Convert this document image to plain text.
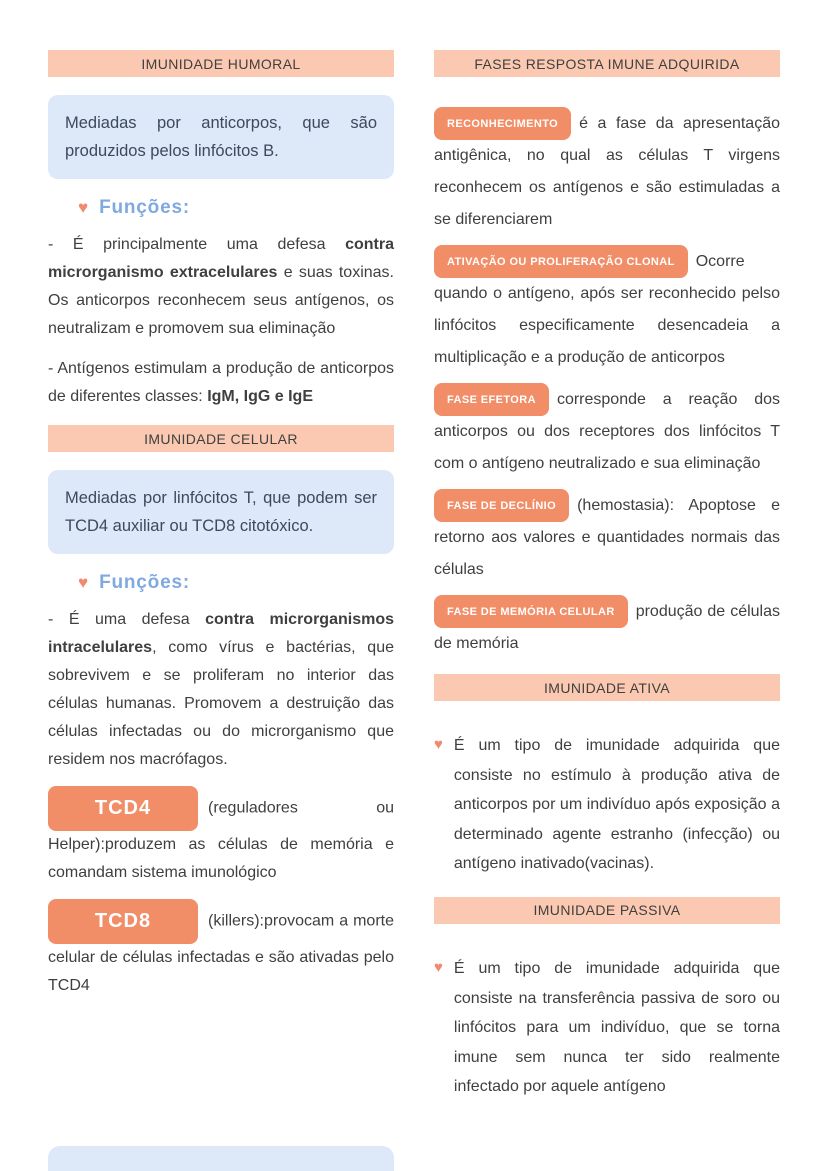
IMUNIDADE HUMORAL
Mediadas por anticorpos, que são produzidos pelos linfócitos B.
♥ Funções:

- É principalmente uma defesa contra microrganismo extracelulares e suas toxinas. Os anticorpos reconhecem seus antígenos, os neutralizam e promovem sua eliminação

- Antígenos estimulam a produção de anticorpos de diferentes classes: IgM, IgG e IgE

IMUNIDADE CELULAR
Mediadas por linfócitos T, que podem ser TCD4 auxiliar ou TCD8 citotóxico.
♥ Funções:

- É uma defesa contra microrganismos intracelulares, como vírus e bactérias, que sobrevivem e se proliferam no interior das células humanas. Promovem a destruição das células infectadas ou do microrganismo que residem nos macrófagos.

TCD4	(reguladores ou Helper):produzem as células de memória e comandam sistema imunológico

TCD8	(killers):provocam a morte celular de células infectadas e são ativadas pelo TCD4

FASES RESPOSTA IMUNE ADQUIRIDA

RECONHECIMENTO é a fase da apresentação antigênica, no qual as células T virgens reconhecem os antígenos e são estimuladas a se diferenciarem

ATIVAÇÃO OU PROLIFERAÇÃO CLONAL Ocorre quando o antígeno, após ser reconhecido pelso linfócitos especificamente desencadeia a multiplicação e a produção de anticorpos

FASE EFETORA corresponde a reação dos anticorpos ou dos receptores dos linfócitos T com o antígeno neutralizado e sua eliminação

FASE DE DECLÍNIO (hemostasia): Apoptose e retorno aos valores e quantidades normais das células

FASE DE MEMÓRIA CELULAR produção de células de memória

IMUNIDADE ATIVA
♥ É um tipo de imunidade adquirida que consiste no estímulo à produção ativa de anticorpos por um indivíduo após exposição a determinado agente estranho (infecção) ou antígeno inativado(vacinas).
IMUNIDADE PASSIVA
♥ É um tipo de imunidade adquirida que consiste na transferência passiva de soro ou linfócitos para um indivíduo, que se torna imune sem nunca ter sido realmente infectado por aquele antígeno
